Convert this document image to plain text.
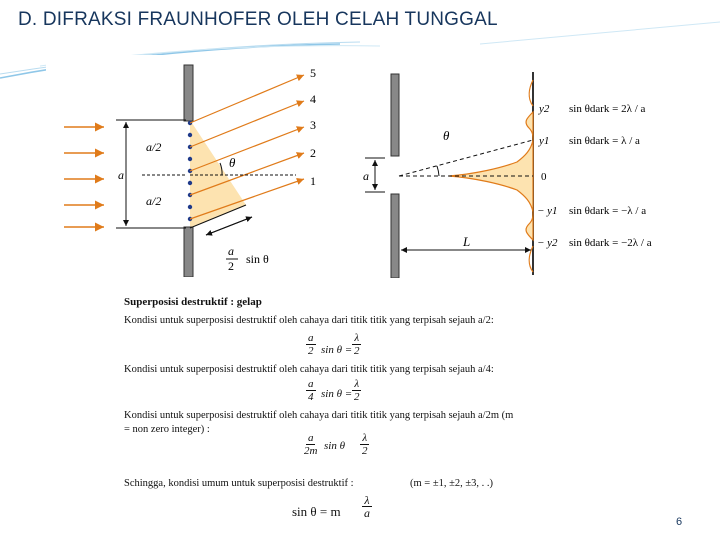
D. DIFRAKSI FRAUNHOFER OLEH CELAH TUNGGAL
a/2
a
a/2
θ
a
2 sin θ
5
4
3
2
1
θ
a
L
y2
y1
0
− y1
− y2
sin θdark = 2λ / a
sin θdark = λ / a
sin θdark = −λ / a
sin θdark = −2λ / a
Superposisi destruktif : gelap
Kondisi untuk superposisi destruktif oleh cahaya dari titik titik yang terpisah sejauh a/2:
$\frac{a}{2}$ $\sin \theta = \frac{\lambda}{2}$
Kondisi untuk superposisi destruktif oleh cahaya dari titik titik yang terpisah sejauh a/4:
$\frac{a}{4}$ $\sin \theta = \frac{\lambda}{2}$
Kondisi untuk superposisi destruktif oleh cahaya dari titik titik yang terpisah sejauh a/2m (m
= non zero integer) :
$\frac{a}{2m}$ sin θ $\frac{\lambda}{2}$
Schingga, kondisi umum untuk superposisi destruktif :	(m = ±1, ±2, ±3, . .)
sin θ = m $\frac{\lambda}{a}$
6
